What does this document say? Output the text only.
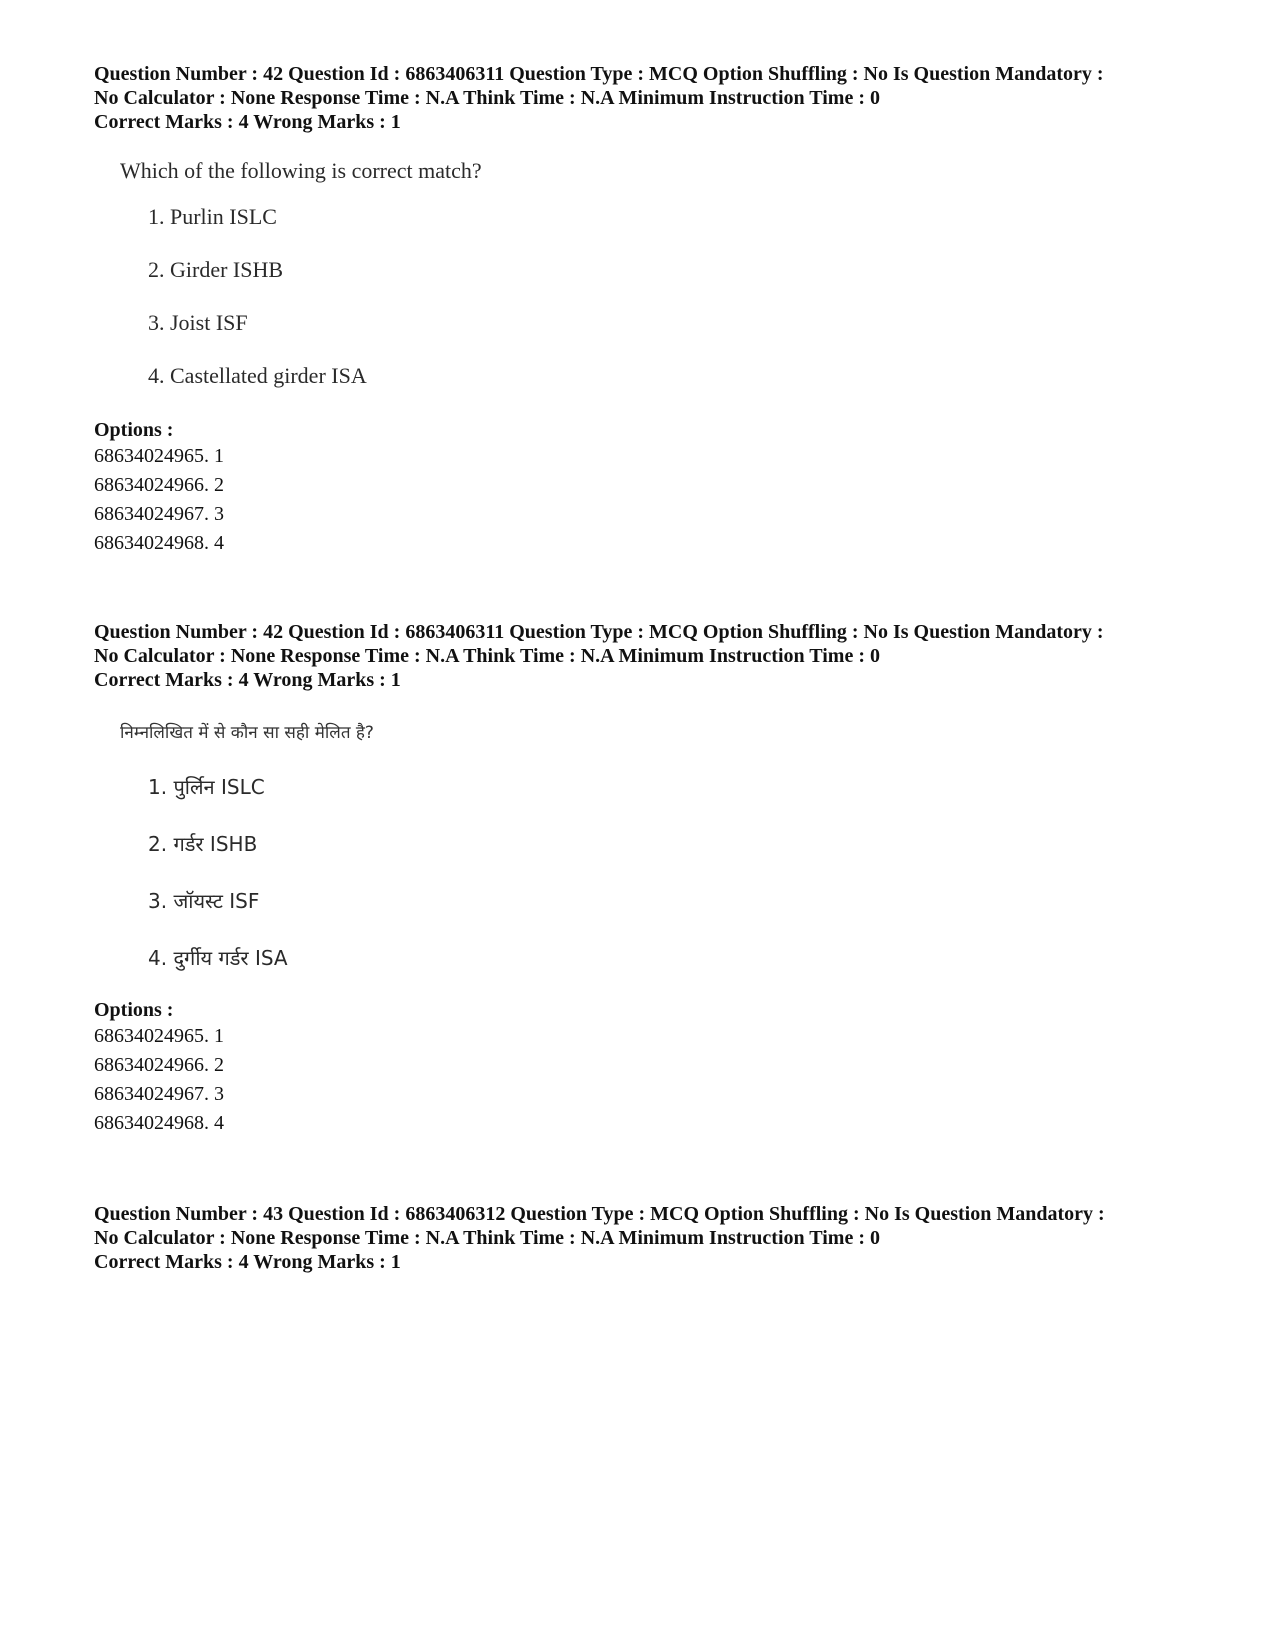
Question Number : 42 Question Id : 6863406311 Question Type : MCQ Option Shuffling : No Is Question Mandatory :

No Calculator : None Response Time : N.A Think Time : N.A Minimum Instruction Time : 0

Correct Marks : 4 Wrong Marks : 1

Which of the following is correct match?

1. Purlin ISLC
2. Girder ISHB
3. Joist ISF
4. Castellated girder ISA

Options :

68634024965. 1
68634024966. 2
68634024967. 3
68634024968. 4

Question Number : 42 Question Id : 6863406311 Question Type : MCQ Option Shuffling : No Is Question Mandatory :

No Calculator : None Response Time : N.A Think Time : N.A Minimum Instruction Time : 0

Correct Marks : 4 Wrong Marks : 1

निम्नलिखित में से कौन सा सही मेलित है?

1. पुर्लिन ISLC
2. गर्डर ISHB
3. जॉयस्ट ISF
4. दुर्गीय गर्डर ISA

Options :

68634024965. 1
68634024966. 2
68634024967. 3
68634024968. 4

Question Number : 43 Question Id : 6863406312 Question Type : MCQ Option Shuffling : No Is Question Mandatory :

No Calculator : None Response Time : N.A Think Time : N.A Minimum Instruction Time : 0

Correct Marks : 4 Wrong Marks : 1
